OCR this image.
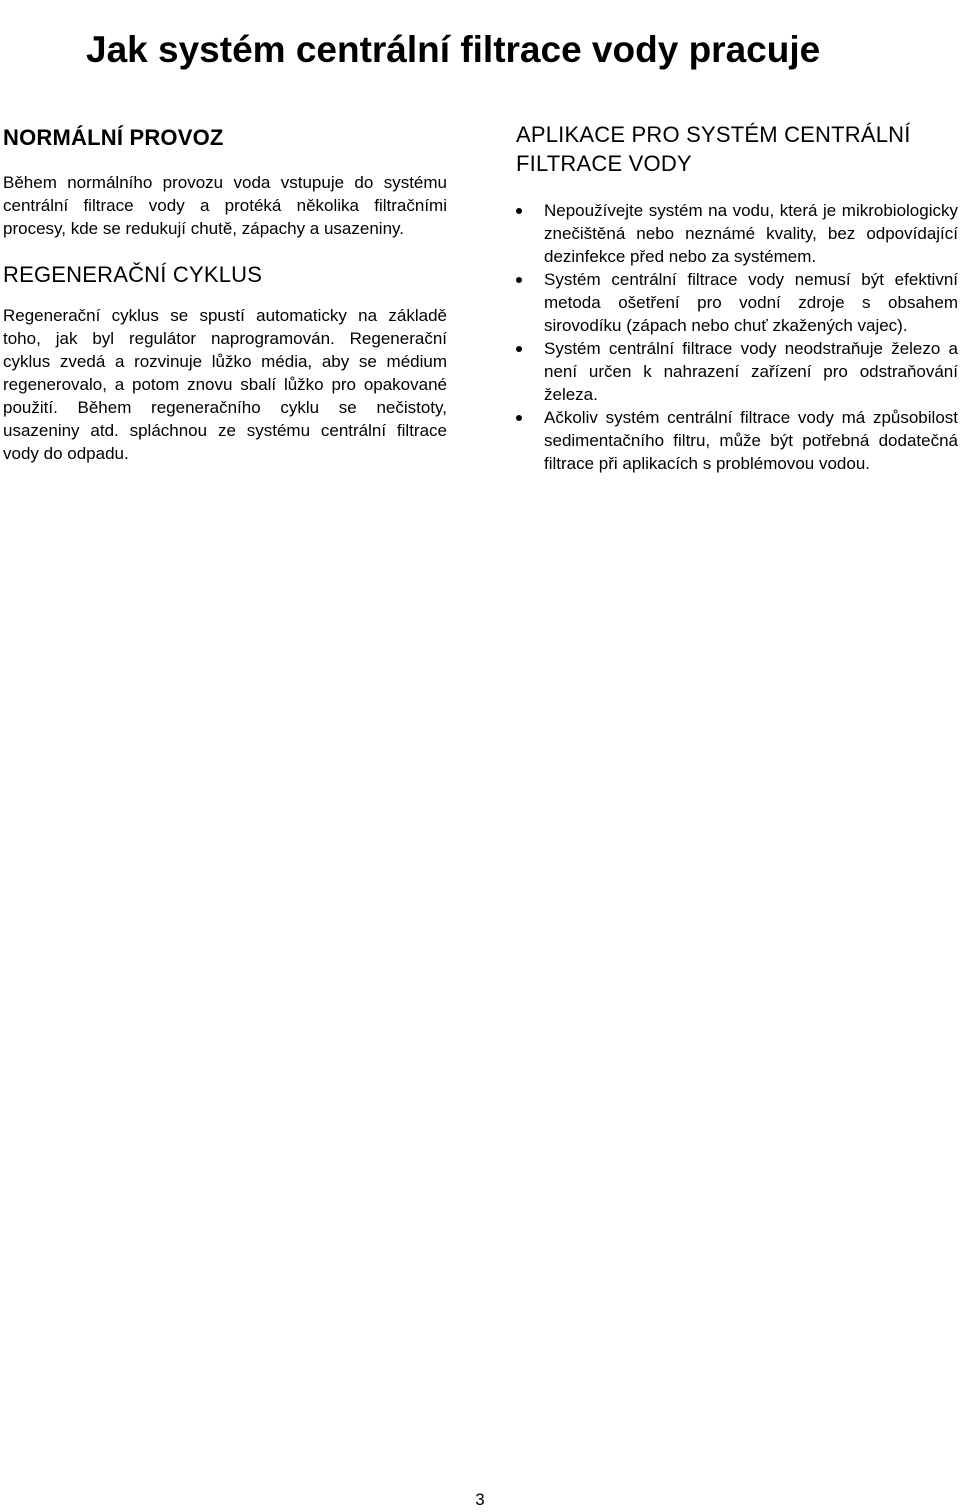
Jak systém centrální filtrace vody pracuje
NORMÁLNÍ PROVOZ

Během normálního provozu voda vstupuje do systému centrální filtrace vody a protéká několika filtračními procesy, kde se redukují chutě, zápachy a usazeniny.

REGENERAČNÍ CYKLUS

Regenerační cyklus se spustí automaticky na základě toho, jak byl regulátor naprogramován. Regenerační cyklus zvedá a rozvinuje lůžko média, aby se médium regenerovalo, a potom znovu sbalí lůžko pro opakované použití. Během regeneračního cyklu se nečistoty, usazeniny atd. spláchnou ze systému centrální filtrace vody do odpadu.

APLIKACE PRO SYSTÉM CENTRÁLNÍ FILTRACE VODY
Nepoužívejte systém na vodu, která je mikrobiologicky znečištěná nebo neznámé kvality, bez odpovídající dezinfekce před nebo za systémem.
Systém centrální filtrace vody nemusí být efektivní metoda ošetření pro vodní zdroje s obsahem sirovodíku (zápach nebo chuť zkažených vajec).
Systém centrální filtrace vody neodstraňuje železo a není určen k nahrazení zařízení pro odstraňování železa.
Ačkoliv systém centrální filtrace vody má způsobilost sedimentačního filtru, může být potřebná dodatečná filtrace při aplikacích s problémovou vodou.
3
